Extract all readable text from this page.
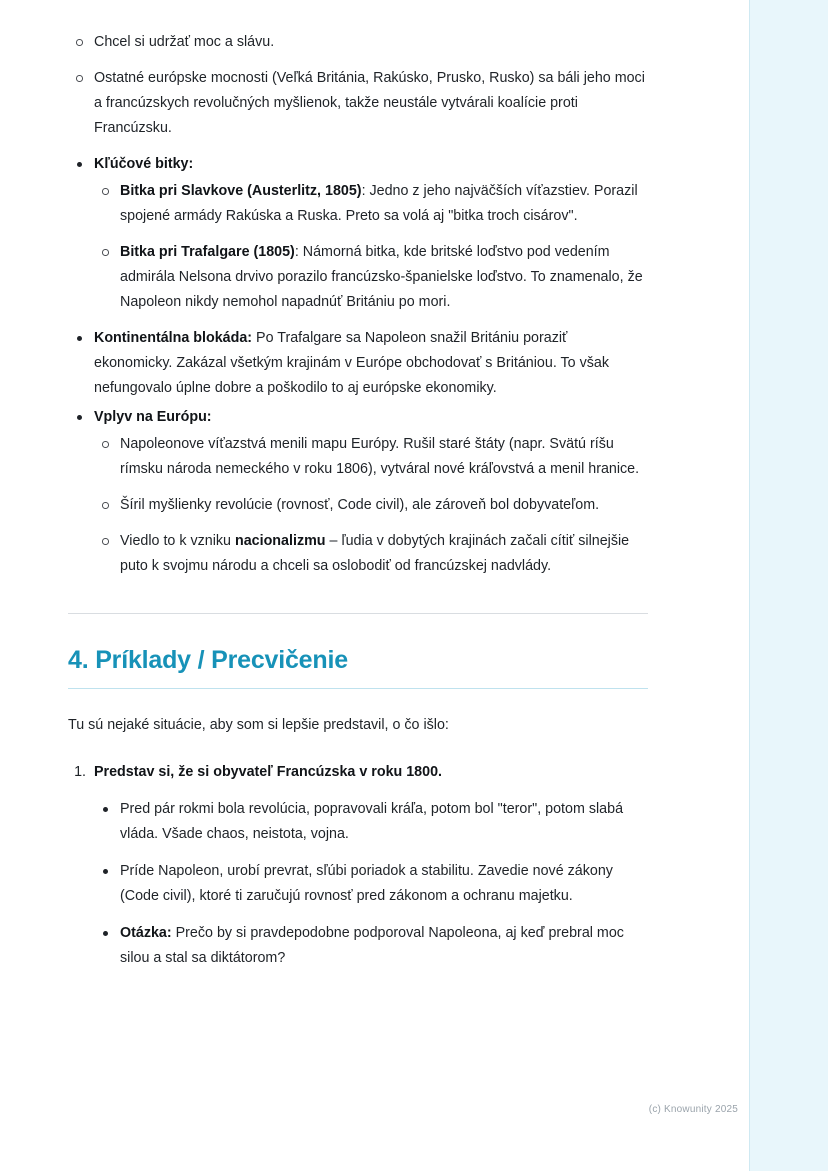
Chcel si udržať moc a slávu.
Ostatné európske mocnosti (Veľká Británia, Rakúsko, Prusko, Rusko) sa báli jeho moci a francúzskych revolučných myšlienok, takže neustále vytvárali koalície proti Francúzsku.
Kľúčové bitky:
Bitka pri Slavkove (Austerlitz, 1805): Jedno z jeho najväčších víťazstiev. Porazil spojené armády Rakúska a Ruska. Preto sa volá aj "bitka troch cisárov".
Bitka pri Trafalgare (1805): Námorná bitka, kde britské loďstvo pod vedením admirála Nelsona drvivo porazilo francúzsko-španielske loďstvo. To znamenalo, že Napoleon nikdy nemohol napadnúť Britániu po mori.
Kontinentálna blokáda: Po Trafalgare sa Napoleon snažil Britániu poraziť ekonomicky. Zakázal všetkým krajinám v Európe obchodovať s Britániou. To však nefungovalo úplne dobre a poškodilo to aj európske ekonomiky.
Vplyv na Európu:
Napoleonove víťazstvá menili mapu Európy. Rušil staré štáty (napr. Svätú ríšu rímsku národa nemeckého v roku 1806), vytváral nové kráľovstvá a menil hranice.
Šíril myšlienky revolúcie (rovnosť, Code civil), ale zároveň bol dobyvateľom.
Viedlo to k vzniku nacionalizmu – ľudia v dobytých krajinách začali cítiť silnejšie puto k svojmu národu a chceli sa oslobodiť od francúzskej nadvlády.
4. Príklady / Precvičenie

Tu sú nejaké situácie, aby som si lepšie predstavil, o čo išlo:

1. Predstav si, že si obyvateľ Francúzska v roku 1800.
Pred pár rokmi bola revolúcia, popravovali kráľa, potom bol "teror", potom slabá vláda. Všade chaos, neistota, vojna.
Príde Napoleon, urobí prevrat, sľúbi poriadok a stabilitu. Zavedie nové zákony (Code civil), ktoré ti zaručujú rovnosť pred zákonom a ochranu majetku.
Otázka: Prečo by si pravdepodobne podporoval Napoleona, aj keď prebral moc silou a stal sa diktátorom?
(c) Knowunity 2025
